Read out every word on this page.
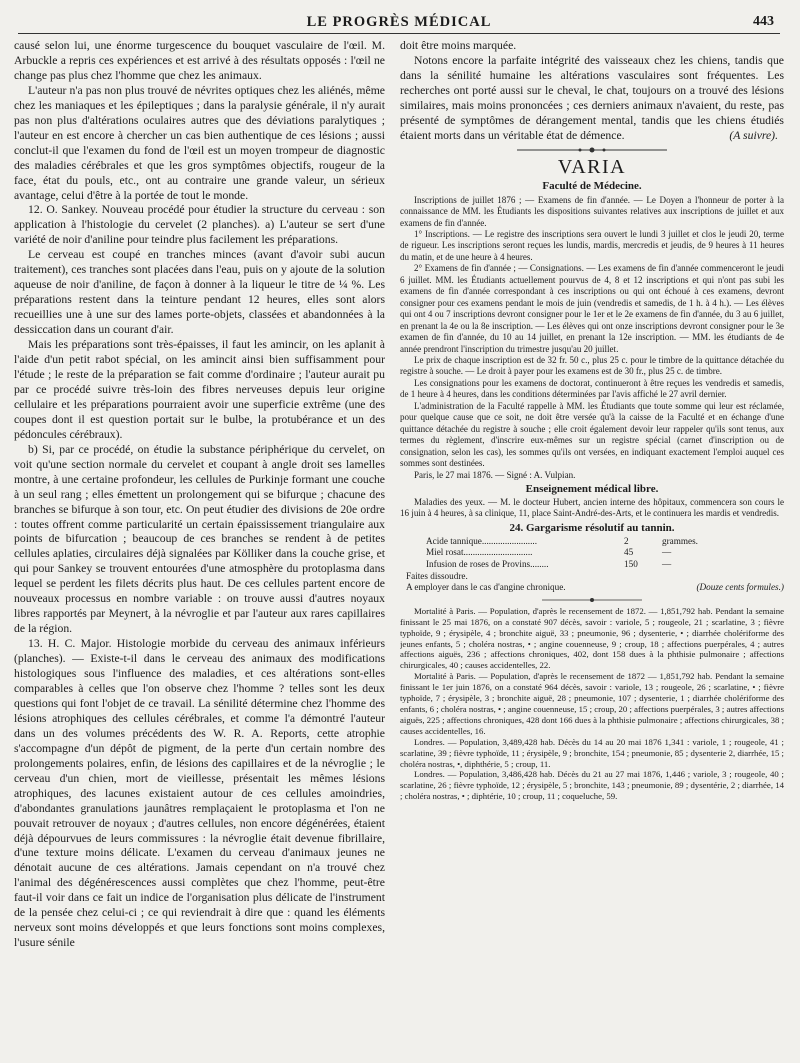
LE PROGRÈS MÉDICAL	443

causé selon lui, une énorme turgescence du bouquet vasculaire de l'œil. M. Arbuckle a repris ces expériences et est arrivé à des résultats opposés : l'œil ne change pas plus chez l'homme que chez les animaux.

L'auteur n'a pas non plus trouvé de névrites optiques chez les aliénés, même chez les maniaques et les épileptiques ; dans la paralysie générale, il n'y aurait pas non plus d'altérations oculaires autres que des déviations paralytiques ; l'auteur en est encore à chercher un cas bien authentique de ces lésions ; aussi conclut-il que l'examen du fond de l'œil est un moyen trompeur de diagnostic des maladies cérébrales et que les gros symptômes objectifs, rougeur de la face, état du pouls, etc., ont au contraire une grande valeur, un sérieux avantage, celui d'être à la portée de tout le monde.

12. O. Sankey. Nouveau procédé pour étudier la structure du cerveau : son application à l'histologie du cervelet (2 planches). a) L'auteur se sert d'une variété de noir d'aniline pour teindre plus facilement les préparations.

Le cerveau est coupé en tranches minces (avant d'avoir subi aucun traitement), ces tranches sont placées dans l'eau, puis on y ajoute de la solution aqueuse de noir d'aniline, de façon à donner à la liqueur le titre de ¼ %. Les préparations restent dans la teinture pendant 12 heures, elles sont alors recueillies une à une sur des lames porte-objets, classées et abandonnées à la dessiccation dans un courant d'air.

Mais les préparations sont très-épaisses, il faut les amincir, on les aplanit à l'aide d'un petit rabot spécial, on les amincit ainsi bien suffisamment pour l'étude ; le reste de la préparation se fait comme d'ordinaire ; l'auteur aurait pu par ce procédé suivre très-loin des fibres nerveuses depuis leur origine cellulaire et les préparations pourraient avoir une superficie extrême (une des coupes dont il est question portait sur le bulbe, la protubérance et un des pédoncules cérébraux).

b) Si, par ce procédé, on étudie la substance périphérique du cervelet, on voit qu'une section normale du cervelet et coupant à angle droit ses lamelles montre, à une certaine profondeur, les cellules de Purkinje formant une couche à un seul rang ; elles émettent un prolongement qui se bifurque ; chacune des branches se bifurque à son tour, etc. On peut étudier des divisions de 20e ordre : toutes offrent comme particularité un certain épaississement triangulaire aux points de bifurcation ; beaucoup de ces branches se rendent à de petites cellules aplaties, circulaires déjà signalées par Kölliker dans la couche grise, et qui pour Sankey se trouvent entourées d'une atmosphère du protoplasma dans lequel se perdent les filets décrits plus haut. De ces cellules partent encore de nouveaux processus en nombre variable : on trouve aussi d'autres noyaux libres rapportés par Meynert, à la névroglie et par l'auteur aux rares capillaires de la région.

13. H. C. Major. Histologie morbide du cerveau des animaux inférieurs (planches). — Existe-t-il dans le cerveau des animaux des modifications histologiques sous l'influence des maladies, et ces altérations sont-elles comparables à celles que l'on observe chez l'homme ? telles sont les deux questions qui font l'objet de ce travail. La sénilité détermine chez l'homme des lésions atrophiques des cellules cérébrales, et comme l'a démontré l'auteur dans un des volumes précédents des W. R. A. Reports, cette atrophie s'accompagne d'un dépôt de pigment, de la perte d'un certain nombre des prolongements polaires, enfin, de lésions des capillaires et de la névroglie ; le cerveau d'un chien, mort de vieillesse, présentait les mêmes lésions atrophiques, des lacunes existaient autour de ces cellules amoindries, d'abondantes granulations jaunâtres remplaçaient le protoplasma et l'on ne pouvait retrouver de noyaux ; d'autres cellules, non encore dégénérées, étaient déjà dépourvues de leurs commissures : la névroglie était devenue fibrillaire, d'une texture moins délicate. L'examen du cerveau d'animaux jeunes ne dénotait aucune de ces altérations. Jamais cependant on n'a trouvé chez l'animal des dégénérescences aussi complètes que chez l'homme, peut-être faut-il voir dans ce fait un indice de l'organisation plus délicate de l'instrument de la pensée chez celui-ci ; ce qui reviendrait à dire que : quand les éléments nerveux sont moins développés et que leurs fonctions sont moins complexes, l'usure sénile

doit être moins marquée.

Notons encore la parfaite intégrité des vaisseaux chez les chiens, tandis que dans la sénilité humaine les altérations vasculaires sont fréquentes. Les recherches ont porté aussi sur le cheval, le chat, toujours on a trouvé des lésions similaires, mais moins prononcées ; ces derniers animaux n'avaient, du reste, pas présenté de symptômes de dérangement mental, tandis que les chiens étudiés étaient morts dans un véritable état de démence.	(A suivre).
VARIA
Faculté de Médecine.

Inscriptions de juillet 1876 ; — Examens de fin d'année. — Le Doyen a l'honneur de porter à la connaissance de MM. les Étudiants les dispositions suivantes relatives aux inscriptions de juillet et aux examens de fin d'année.

1° Inscriptions. — Le registre des inscriptions sera ouvert le lundi 3 juillet et clos le jeudi 20, terme de rigueur. Les inscriptions seront reçues les lundis, mardis, mercredis et jeudis, de 9 heures à 11 heures du matin, et de une heure à 4 heures.

2° Examens de fin d'année ; — Consignations. — Les examens de fin d'année commenceront le jeudi 6 juillet. MM. les Étudiants actuellement pourvus de 4, 8 et 12 inscriptions et qui n'ont pas subi les examens de fin d'année correspondant à ces inscriptions ou qui ont échoué à ces examens, devront consigner pour ces examens pendant le mois de juin (vendredis et samedis, de 1 h. à 4 h.). — Les élèves qui ont 4 ou 7 inscriptions devront consigner pour le 1er et le 2e examens de fin d'année, du 3 au 6 juillet, en prenant la 4e ou la 8e inscription. — Les élèves qui ont onze inscriptions devront consigner pour le 3e examen de fin d'année, du 10 au 14 juillet, en prenant la 12e inscription. — MM. les étudiants de 4e année prendront l'inscription du trimestre jusqu'au 20 juillet.

Le prix de chaque inscription est de 32 fr. 50 c., plus 25 c. pour le timbre de la quittance détachée du registre à souche. — Le droit à payer pour les examens est de 30 fr., plus 25 c. de timbre.

Les consignations pour les examens de doctorat, continueront à être reçues les vendredis et samedis, de 1 heure à 4 heures, dans les conditions déterminées par l'avis affiché le 27 avril dernier.

L'administration de la Faculté rappelle à MM. les Étudiants que toute somme qui leur est réclamée, pour quelque cause que ce soit, ne doit être versée qu'à la caisse de la Faculté et en échange d'une quittance détachée du registre à souche ; elle croit également devoir leur rappeler qu'ils sont tenus, aux termes du règlement, d'inscrire eux-mêmes sur un registre spécial (carnet d'inscription ou de consignation, selon les cas), les sommes qu'ils ont versées, en indiquant exactement l'emploi auquel ces sommes sont destinées.

Paris, le 27 mai 1876. — Signé : A. Vulpian.

Enseignement médical libre.

Maladies des yeux. — M. le docteur Hubert, ancien interne des hôpitaux, commencera son cours le 16 juin à 4 heures, à sa clinique, 11, place Saint-André-des-Arts, et le continuera les mardis et vendredis.

24. Gargarisme résolutif au tannin.
Acide tannique........................	2	grammes.
Miel rosat..............................	45	—
Infusion de roses de Provins........	150	—
Faites dissoudre.
A employer dans le cas d'angine chronique.	(Douze cents formules.)

Mortalité à Paris. — Population, d'après le recensement de 1872. — 1,851,792 hab. Pendant la semaine finissant le 25 mai 1876, on a constaté 907 décès, savoir : variole, 5 ; rougeole, 21 ; scarlatine, 3 ; fièvre typhoïde, 9 ; érysipèle, 4 ; bronchite aiguë, 33 ; pneumonie, 96 ; dysenterie, • ; diarrhée cholériforme des jeunes enfants, 5 ; choléra nostras, • ; angine couenneuse, 9 ; croup, 18 ; affections puerpérales, 4 ; autres affections aiguës, 236 ; affections chroniques, 402, dont 158 dues à la phthisie pulmonaire ; affections chirurgicales, 40 ; causes accidentelles, 22.

Mortalité à Paris. — Population, d'après le recensement de 1872 — 1,851,792 hab. Pendant la semaine finissant le 1er juin 1876, on a constaté 964 décès, savoir : variole, 13 ; rougeole, 26 ; scarlatine, • ; fièvre typhoïde, 7 ; érysipèle, 3 ; bronchite aiguë, 28 ; pneumonie, 107 ; dysenterie, 1 ; diarrhée cholériforme des enfants, 6 ; choléra nostras, • ; angine couenneuse, 15 ; croup, 20 ; affections puerpérales, 3 ; autres affections aiguës, 225 ; affections chroniques, 428 dont 166 dues à la phthisie pulmonaire ; affections chirurgicales, 38 ; causes accidentelles, 16.

Londres. — Population, 3,489,428 hab. Décès du 14 au 20 mai 1876 1,341 : variole, 1 ; rougeole, 41 ; scarlatine, 39 ; fièvre typhoïde, 11 ; érysipèle, 9 ; bronchite, 154 ; pneumonie, 85 ; dysenterie 2, diarrhée, 15 ; choléra nostras, •, diphthérie, 5 ; croup, 11.

Londres. — Population, 3,486,428 hab. Décès du 21 au 27 mai 1876, 1,446 ; variole, 3 ; rougeole, 40 ; scarlatine, 26 ; fièvre typhoïde, 12 ; érysipèle, 5 ; bronchite, 143 ; pneumonie, 89 ; dysentérie, 2 ; diarrhée, 14 ; choléra nostras, • ; diphtérie, 10 ; croup, 11 ; coqueluche, 59.
